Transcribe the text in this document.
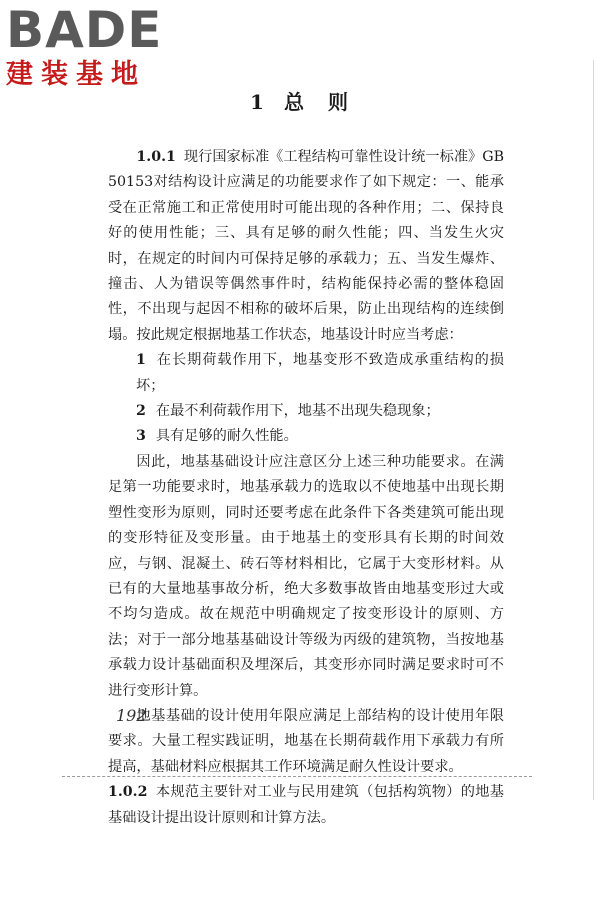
BADE
建装基地
1 总 则

1.0.1 现行国家标准《工程结构可靠性设计统一标准》GB 50153对结构设计应满足的功能要求作了如下规定：一、能承受在正常施工和正常使用时可能出现的各种作用；二、保持良好的使用性能；三、具有足够的耐久性能；四、当发生火灾时，在规定的时间内可保持足够的承载力；五、当发生爆炸、撞击、人为错误等偶然事件时，结构能保持必需的整体稳固性，不出现与起因不相称的破坏后果，防止出现结构的连续倒塌。按此规定根据地基工作状态，地基设计时应当考虑：

1 在长期荷载作用下，地基变形不致造成承重结构的损坏；

2 在最不利荷载作用下，地基不出现失稳现象；

3 具有足够的耐久性能。

因此，地基基础设计应注意区分上述三种功能要求。在满足第一功能要求时，地基承载力的选取以不使地基中出现长期塑性变形为原则，同时还要考虑在此条件下各类建筑可能出现的变形特征及变形量。由于地基土的变形具有长期的时间效应，与钢、混凝土、砖石等材料相比，它属于大变形材料。从已有的大量地基事故分析，绝大多数事故皆由地基变形过大或不均匀造成。故在规范中明确规定了按变形设计的原则、方法；对于一部分地基基础设计等级为丙级的建筑物，当按地基承载力设计基础面积及埋深后，其变形亦同时满足要求时可不进行变形计算。

地基基础的设计使用年限应满足上部结构的设计使用年限要求。大量工程实践证明，地基在长期荷载作用下承载力有所提高，基础材料应根据其工作环境满足耐久性设计要求。

1.0.2 本规范主要针对工业与民用建筑（包括构筑物）的地基基础设计提出设计原则和计算方法。

192
